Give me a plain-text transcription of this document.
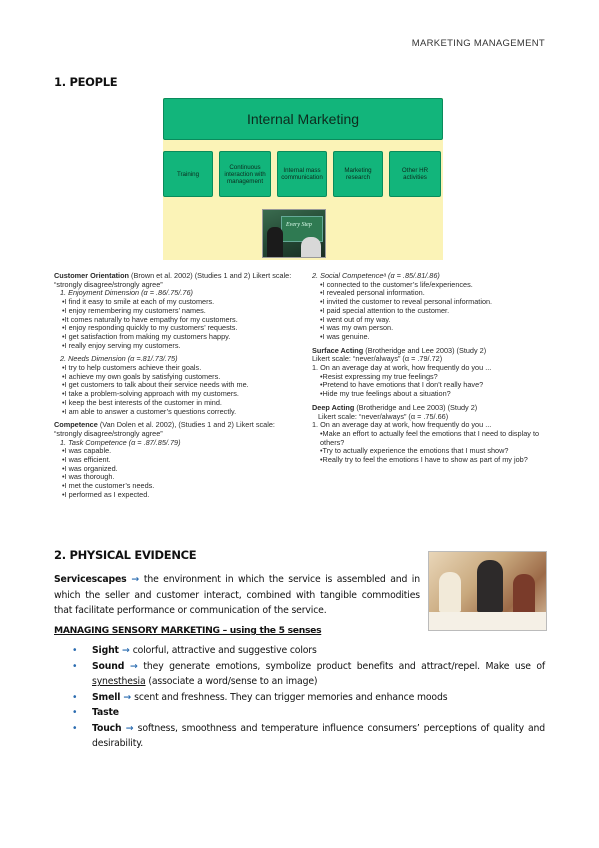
MARKETING MANAGEMENT
1. PEOPLE
Internal Marketing
Training
Continuous interaction with management
Internal mass communication
Marketing research
Other HR activities
Every Step
Customer Orientation (Brown et al. 2002) (Studies 1 and 2) Likert scale: “strongly disagree/strongly agree”
1. Enjoyment Dimension (α = .86/.75/.76)
•I find it easy to smile at each of my customers.
•I enjoy remembering my customers’ names.
•It comes naturally to have empathy for my customers.
•I enjoy responding quickly to my customers’ requests.
•I get satisfaction from making my customers happy.
•I really enjoy serving my customers.
2. Needs Dimension (α =.81/.73/.75)
•I try to help customers achieve their goals.
•I achieve my own goals by satisfying customers.
•I get customers to talk about their service needs with me.
•I take a problem-solving approach with my customers.
•I keep the best interests of the customer in mind.
•I am able to answer a customer’s questions correctly.
Competence (Van Dolen et al. 2002), (Studies 1 and 2) Likert scale: “strongly disagree/strongly agree”
1. Task Competence (α = .87/.85/.79)
•I was capable.
•I was efficient.
•I was organized.
•I was thorough.
•I met the customer’s needs.
•I performed as I expected.
2. Social Competenceᵃ (α = .85/.81/.86)
•I connected to the customer’s life/experiences.
•I revealed personal information.
•I invited the customer to reveal personal information.
•I paid special attention to the customer.
•I went out of my way.
•I was my own person.
•I was genuine.
Surface Acting (Brotheridge and Lee 2003) (Study 2)
Likert scale: “never/always” (α = .79/.72)
1. On an average day at work, how frequently do you ...
•Resist expressing my true feelings?
•Pretend to have emotions that I don’t really have?
•Hide my true feelings about a situation?
Deep Acting (Brotheridge and Lee 2003) (Study 2)
Likert scale: “never/always” (α = .75/.66)
1. On an average day at work, how frequently do you ...
•Make an effort to actually feel the emotions that I need to display to others?
•Try to actually experience the emotions that I must show?
•Really try to feel the emotions I have to show as part of my job?
2. PHYSICAL EVIDENCE
Servicescapes → the environment in which the service is assembled and in which the seller and customer interact, combined with tangible commodities that facilitate performance or communication of the service.
MANAGING SENSORY MARKETING – using the 5 senses
• Sight → colorful, attractive and suggestive colors
• Sound → they generate emotions, symbolize product benefits and attract/repel. Make use of synesthesia (associate a word/sense to an image)
• Smell → scent and freshness. They can trigger memories and enhance moods
• Taste
• Touch → softness, smoothness and temperature influence consumers’ perceptions of quality and desirability.
